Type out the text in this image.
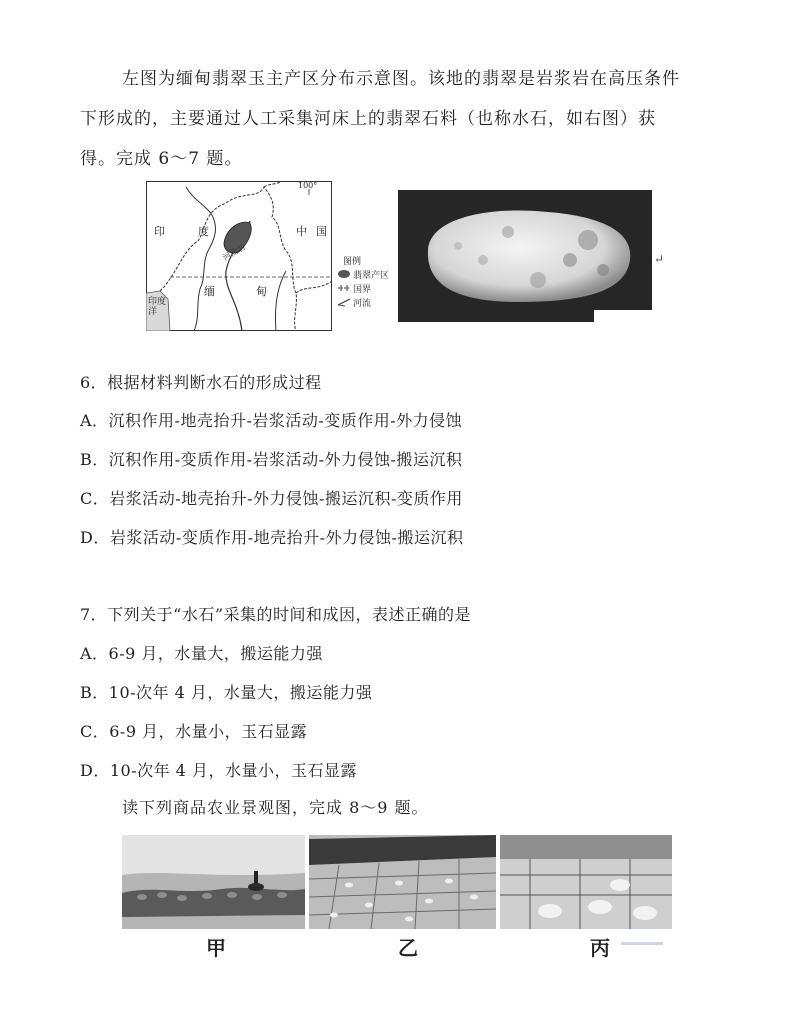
左图为缅甸翡翠玉主产区分布示意图。该地的翡翠是岩浆岩在高压条件
下形成的，主要通过人工采集河床上的翡翠石料（也称水石，如右图）获
得。完成 6～7 题。
100°
印	度	中 国
缅	甸
印度洋
河流名	图例
翡翠产区
国界
河流
↵
6．根据材料判断水石的形成过程
A．沉积作用-地壳抬升-岩浆活动-变质作用-外力侵蚀
B．沉积作用-变质作用-岩浆活动-外力侵蚀-搬运沉积
C．岩浆活动-地壳抬升-外力侵蚀-搬运沉积-变质作用
D．岩浆活动-变质作用-地壳抬升-外力侵蚀-搬运沉积
7．下列关于“水石”采集的时间和成因，表述正确的是
A．6-9 月，水量大，搬运能力强
B．10-次年 4 月，水量大，搬运能力强
C．6-9 月，水量小，玉石显露
D．10-次年 4 月，水量小，玉石显露
读下列商品农业景观图，完成 8～9 题。
甲	乙	丙
